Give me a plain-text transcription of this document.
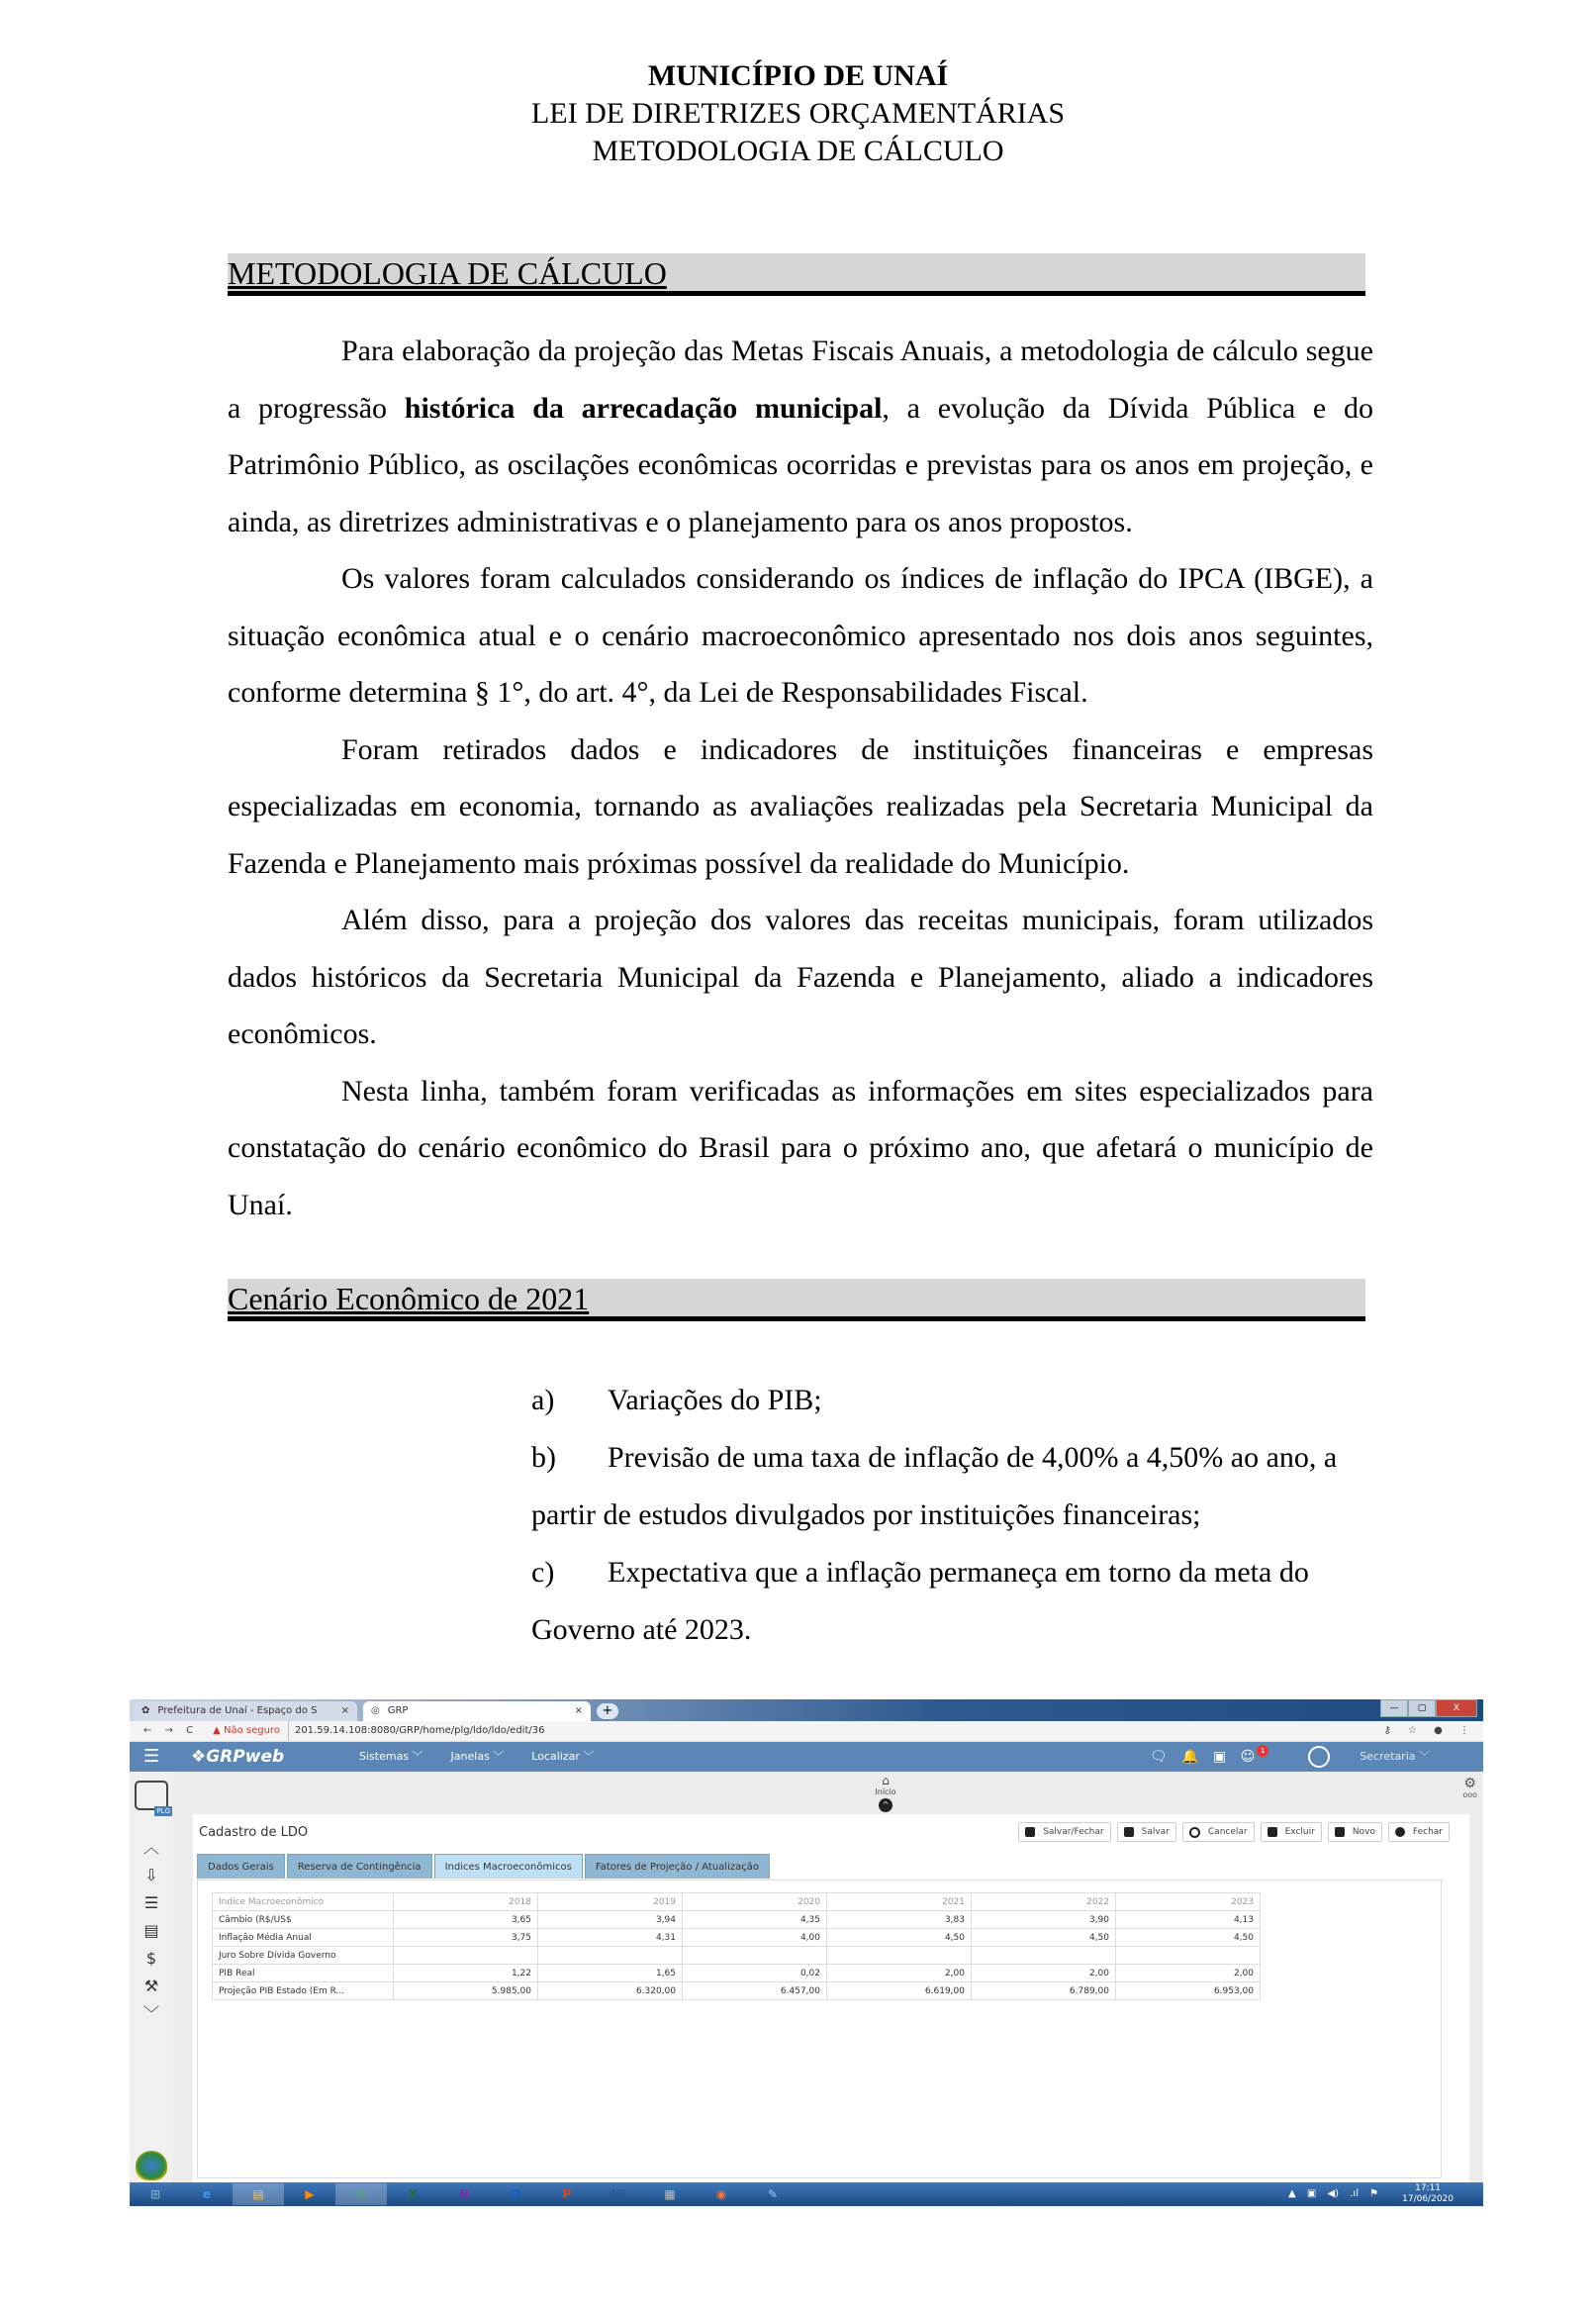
MUNICÍPIO DE UNAÍ
LEI DE DIRETRIZES ORÇAMENTÁRIAS
METODOLOGIA DE CÁLCULO
METODOLOGIA DE CÁLCULO

Para elaboração da projeção das Metas Fiscais Anuais, a metodologia de cálculo segue a progressão histórica da arrecadação municipal, a evolução da Dívida Pública e do Patrimônio Público, as oscilações econômicas ocorridas e previstas para os anos em projeção, e ainda, as diretrizes administrativas e o planejamento para os anos propostos.

Os valores foram calculados considerando os índices de inflação do IPCA (IBGE), a situação econômica atual e o cenário macroeconômico apresentado nos dois anos seguintes, conforme determina § 1°, do art. 4°, da Lei de Responsabilidades Fiscal.

Foram retirados dados e indicadores de instituições financeiras e empresas especializadas em economia, tornando as avaliações realizadas pela Secretaria Municipal da Fazenda e Planejamento mais próximas possível da realidade do Município.

Além disso, para a projeção dos valores das receitas municipais, foram utilizados dados históricos da Secretaria Municipal da Fazenda e Planejamento, aliado a indicadores econômicos.

Nesta linha, também foram verificadas as informações em sites especializados para constatação do cenário econômico do Brasil para o próximo ano, que afetará o município de Unaí.

Cenário Econômico de 2021

a) Variações do PIB;

b) Previsão de uma taxa de inflação de 4,00% a 4,50% ao ano, a partir de estudos divulgados por instituições financeiras;

c) Expectativa que a inflação permaneça em torno da meta do Governo até 2023.

✿ Prefeitura de Unaí - Espaço do S	× ◎ GRP	×	+	—	▢	X
← → C ▲ Não seguro	201.59.14.108:8080/GRP/home/plg/ldo/ldo/edit/36	⚷ ☆ ● ⋮
☰	❖GRPweb	Sistemas ﹀	Janelas ﹀	Localizar ﹀	🗨 🔔 ▣ ☺ 1	Secretaria ﹀
PLG
︿
⇩
☰
▤
$
⚒
﹀
⌂
Início
^
⚙
ooo
Cadastro de LDO	Salvar/Fechar	Salvar	Cancelar	Excluir	Novo	Fechar
Dados Gerais	Reserva de Contingência	Indices Macroeconômicos	Fatores de Projeção / Atualização
Indice Macroeconômico	2018	2019	2020	2021	2022	2023
Câmbio (R$/US$	3,65	3,94	4,35	3,83	3,90	4,13
Inflação Média Anual	3,75	4,31	4,00	4,50	4,50	4,50
Juro Sobre Dívida Governo						
PIB Real	1,22	1,65	0,02	2,00	2,00	2,00
Projeção PIB Estado (Em R...	5.985,00	6.320,00	6.457,00	6.619,00	6.789,00	6.953,00
⊞	e	▤	▶	◎	X	N	O	P	W	▦	◉	✎	▲ ▣ ◀) .ıl ⚑	17:11
17/06/2020
